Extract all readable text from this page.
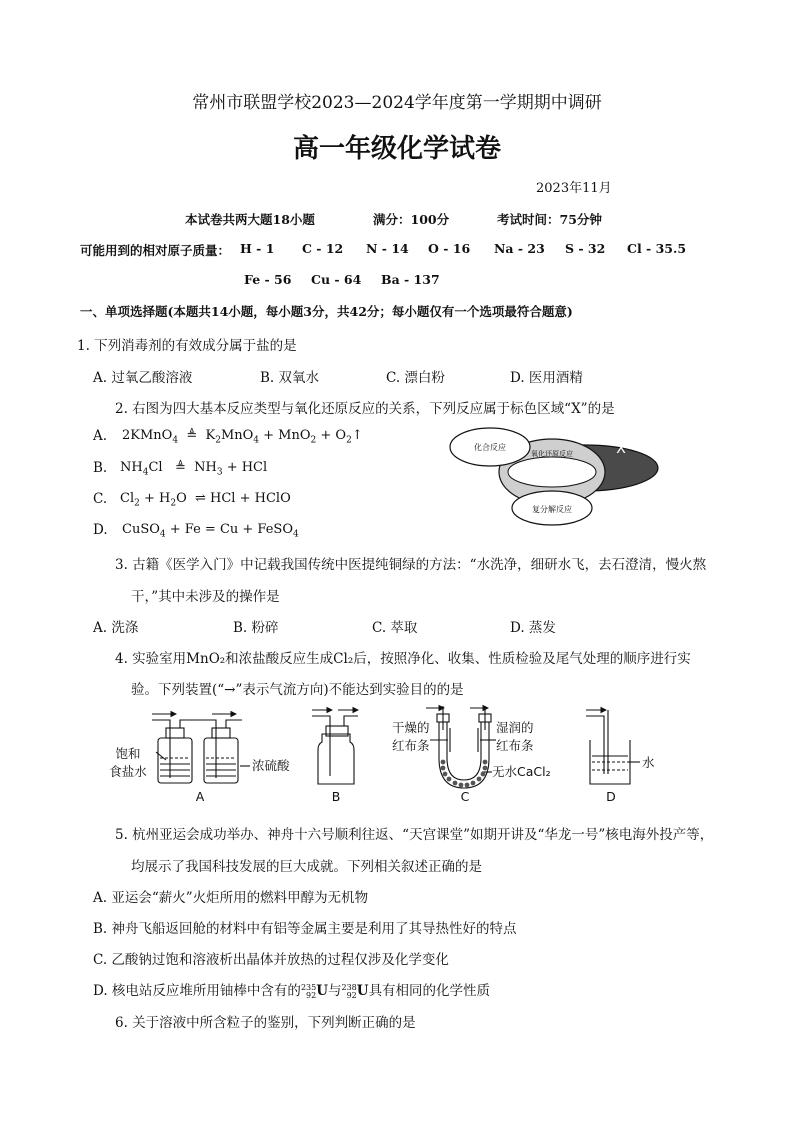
常州市联盟学校2023—2024学年度第一学期期中调研
高一年级化学试卷
2023年11月
本试卷共两大题18小题	满分：100分	考试时间：75分钟
可能用到的相对原子质量： H - 1 C - 12 N - 14 O - 16 Na - 23 S - 32 Cl - 35.5
Fe - 56 Cu - 64 Ba - 137
一、单项选择题(本题共14小题，每小题3分，共42分；每小题仅有一个选项最符合题意)
1. 下列消毒剂的有效成分属于盐的是
A. 过氧乙酸溶液	B. 双氧水	C. 漂白粉	D. 医用酒精
2. 右图为四大基本反应类型与氧化还原反应的关系，下列反应属于标色区域“X”的是
A. 2KMnO$_4$  ≜  $K_2MnO_4 + MnO_2$ + $O_2↑$
B. $NH_4Cl$   ≜  $NH_3$ + HCl
C. $Cl_2 + H_2O$  ⇌ HCl + HClO
D. CuSO$_4$ + Fe = Cu + FeSO$_4$
化合反应
氧化还原反应	X
复分解反应
3. 古籍《医学入门》中记载我国传统中医提纯铜绿的方法：“水洗净，细研水飞，去石澄清，慢火熬
干，”其中未涉及的操作是
A. 洗涤	B. 粉碎	C. 萃取	D. 蒸发
4. 实验室用MnO₂和浓盐酸反应生成Cl₂后，按照净化、收集、性质检验及尾气处理的顺序进行实
验。下列装置(“→”表示气流方向)不能达到实验目的的是
饱和
食盐水	浓硫酸
干燥的
红布条
湿润的
红布条
无水CaCl₂
水
A	B	C	D
5. 杭州亚运会成功举办、神舟十六号顺利往返、“天宫课堂”如期开讲及“华龙一号”核电海外投产等，
均展示了我国科技发展的巨大成就。下列相关叙述正确的是
A. 亚运会“薪火”火炬所用的燃料甲醇为无机物
B. 神舟飞船返回舱的材料中有铝等金属主要是利用了其导热性好的特点
C. 乙酸钠过饱和溶液析出晶体并放热的过程仅涉及化学变化
D. 核电站反应堆所用铀棒中含有的235
92U与238
92U具有相同的化学性质
6. 关于溶液中所含粒子的鉴别，下列判断正确的是
